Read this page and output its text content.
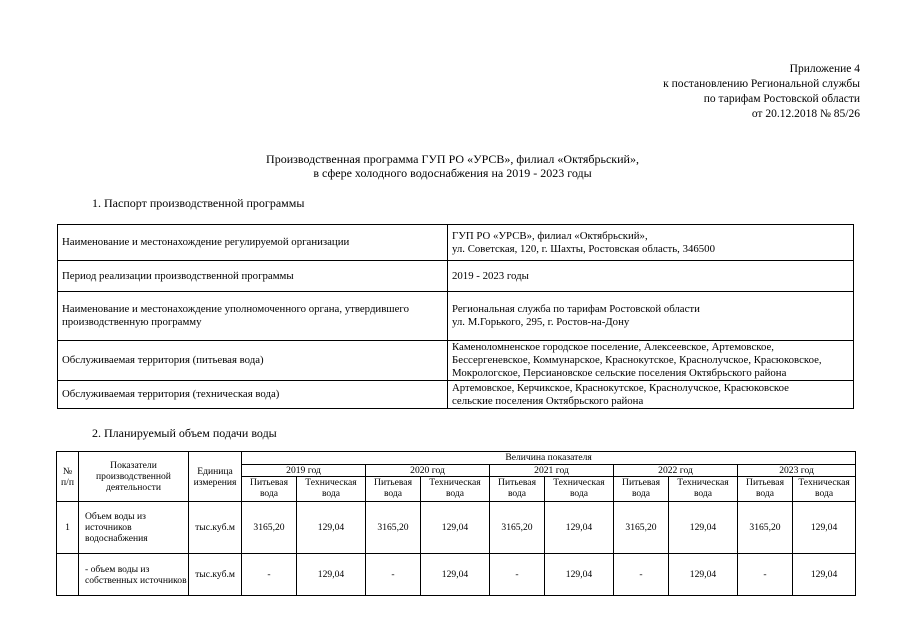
Приложение 4
к постановлению Региональной службы
по тарифам Ростовской области
от 20.12.2018 № 85/26
Производственная программа ГУП РО «УРСВ», филиал «Октябрьский»,
в сфере холодного водоснабжения на 2019 - 2023 годы
1. Паспорт производственной программы
Наименование и местонахождение регулируемой организации	ГУП РО «УРСВ», филиал «Октябрьский»,
ул. Советская, 120, г. Шахты, Ростовская область, 346500

Период реализации производственной программы	2019 - 2023 годы

Наименование и местонахождение уполномоченного органа, утвердившего производственную программу	Региональная служба по тарифам Ростовской области
ул. М.Горького, 295, г. Ростов-на-Дону

Обслуживаемая территория (питьевая вода)	Каменоломненское городское поселение, Алексеевское, Артемовское,
Бессергеневское, Коммунарское, Краснокутское, Краснолучское, Красюковское,
Мокрологское, Персиановское сельские поселения Октябрьского района

Обслуживаемая территория (техническая вода)	Артемовское, Керчикское, Краснокутское, Краснолучское, Красюковское
сельские поселения Октябрьского района
2. Планируемый объем подачи воды
№ п/п	Показатели производственной деятельности	Единица измерения	Величина показателя									
			2019 год		2020 год		2021 год		2022 год		2023 год	
			Питьевая вода	Техническая вода	Питьевая вода	Техническая вода	Питьевая вода	Техническая вода	Питьевая вода	Техническая вода	Питьевая вода	Техническая вода
1	Объем воды из источников водоснабжения	тыс.куб.м	3165,20	129,04	3165,20	129,04	3165,20	129,04	3165,20	129,04	3165,20	129,04
	- объем воды из собственных источников	тыс.куб.м	-	129,04	-	129,04	-	129,04	-	129,04	-	129,04
